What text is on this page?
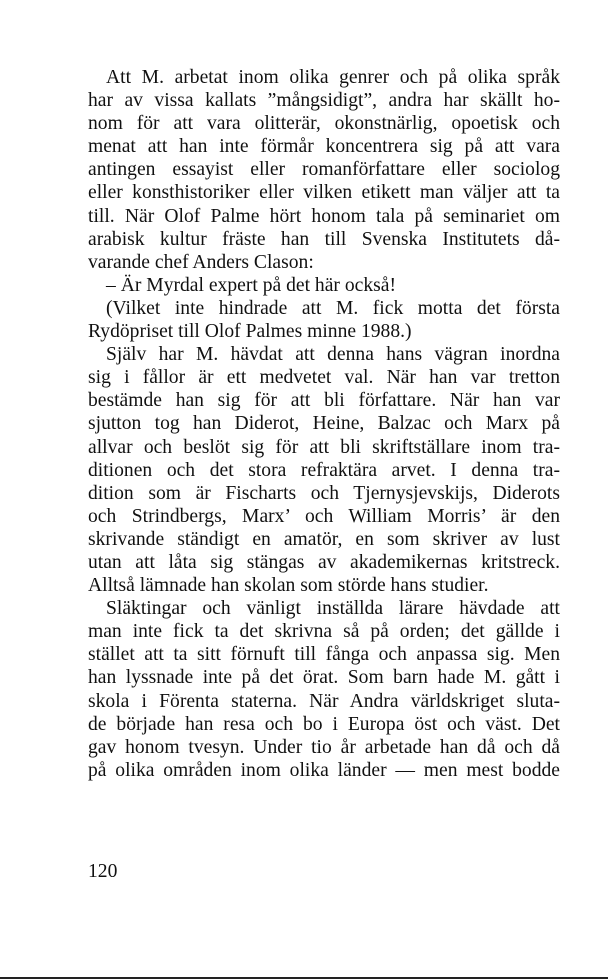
Att M. arbetat inom olika genrer och på olika språk
har av vissa kallats ”mångsidigt”, andra har skällt ho-
nom för att vara olitterär, okonstnärlig, opoetisk och
menat att han inte förmår koncentrera sig på att vara
antingen essayist eller romanförfattare eller sociolog
eller konsthistoriker eller vilken etikett man väljer att ta
till. När Olof Palme hört honom tala på seminariet om
arabisk kultur fräste han till Svenska Institutets då-
varande chef Anders Clason:
– Är Myrdal expert på det här också!
(Vilket inte hindrade att M. fick motta det första
Rydöpriset till Olof Palmes minne 1988.)
Själv har M. hävdat att denna hans vägran inordna
sig i fållor är ett medvetet val. När han var tretton
bestämde han sig för att bli författare. När han var
sjutton tog han Diderot, Heine, Balzac och Marx på
allvar och beslöt sig för att bli skriftställare inom tra-
ditionen och det stora refraktära arvet. I denna tra-
dition som är Fischarts och Tjernysjevskijs, Diderots
och Strindbergs, Marx’ och William Morris’ är den
skrivande ständigt en amatör, en som skriver av lust
utan att låta sig stängas av akademikernas kritstreck.
Alltså lämnade han skolan som störde hans studier.
Släktingar och vänligt inställda lärare hävdade att
man inte fick ta det skrivna så på orden; det gällde i
stället att ta sitt förnuft till fånga och anpassa sig. Men
han lyssnade inte på det örat. Som barn hade M. gått i
skola i Förenta staterna. När Andra världskriget sluta-
de började han resa och bo i Europa öst och väst. Det
gav honom tvesyn. Under tio år arbetade han då och då
på olika områden inom olika länder — men mest bodde
120
